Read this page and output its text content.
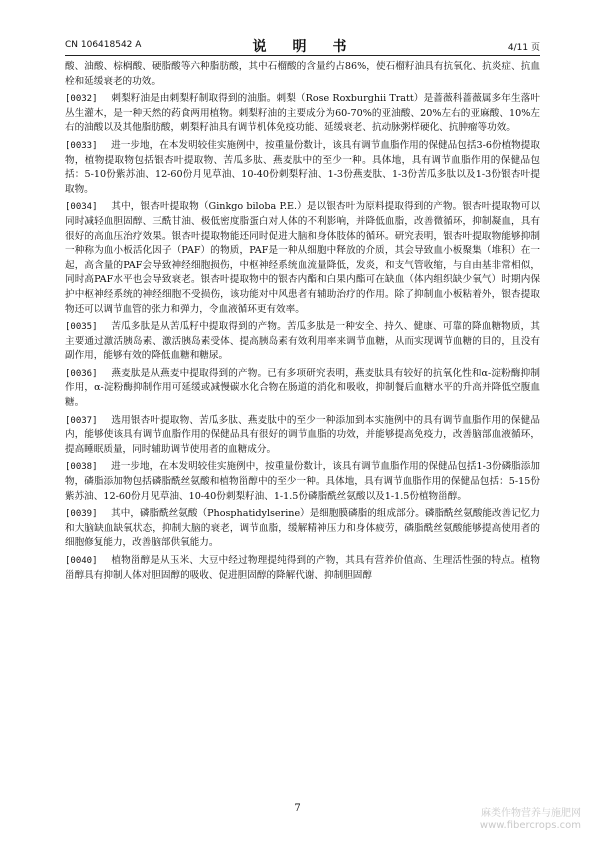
CN 106418542 A	说　明　书	4/11 页

酸、油酸、棕榈酸、硬脂酸等六种脂肪酸，其中石榴酸的含量约占86%，使石榴籽油具有抗氧化、抗炎症、抗血栓和延缓衰老的功效。

[0032]　 刺梨籽油是由刺梨籽制取得到的油脂。刺梨（Rose Roxburghii Tratt）是蔷薇科蔷薇属多年生落叶丛生灌木，是一种天然的药食两用植物。刺梨籽油的主要成分为60-70%的亚油酸、20%左右的亚麻酸、10%左右的油酸以及其他脂肪酸，刺梨籽油具有调节机体免疫功能、延缓衰老、抗动脉粥样硬化、抗肿瘤等功效。

[0033]　 进一步地，在本发明较佳实施例中，按重量份数计，该具有调节血脂作用的保健品包括3-6份植物提取物，植物提取物包括银杏叶提取物、苦瓜多肽、燕麦肽中的至少一种。具体地，具有调节血脂作用的保健品包括：5-10份紫苏油、12-60份月见草油、10-40份刺梨籽油、1-3份燕麦肽、1-3份苦瓜多肽以及1-3份银杏叶提取物。

[0034]　 其中，银杏叶提取物（Ginkgo biloba P.E.）是以银杏叶为原料提取得到的产物。银杏叶提取物可以同时减轻血胆固醇、三酰甘油、极低密度脂蛋白对人体的不利影响，并降低血脂，改善微循环，抑制凝血，具有很好的高血压治疗效果。银杏叶提取物能还同时促进大脑和身体肢体的循环。研究表明，银杏叶提取物能够抑制一种称为血小板活化因子（PAF）的物质，PAF是一种从细胞中释放的介质，其会导致血小板聚集（堆积）在一起，高含量的PAF会导致神经细胞损伤，中枢神经系统血流量降低，发炎，和支气管收缩，与自由基非常相似，同时高PAF水平也会导致衰老。银杏叶提取物中的银杏内酯和白果内酯可在缺血（体内组织缺少氧气）时期内保护中枢神经系统的神经细胞不受损伤，该功能对中风患者有辅助治疗的作用。除了抑制血小板粘着外，银杏提取物还可以调节血管的张力和弹力，令血液循环更有效率。

[0035]　 苦瓜多肽是从苦瓜籽中提取得到的产物。苦瓜多肽是一种安全、持久、健康、可靠的降血糖物质，其主要通过激活胰岛素、激活胰岛素受体、提高胰岛素有效利用率来调节血糖，从而实现调节血糖的目的，且没有副作用，能够有效的降低血糖和糖尿。

[0036]　 燕麦肽是从燕麦中提取得到的产物。已有多项研究表明，燕麦肽具有较好的抗氧化性和α-淀粉酶抑制作用，α-淀粉酶抑制作用可延缓或减慢碳水化合物在肠道的消化和吸收，抑制餐后血糖水平的升高并降低空腹血糖。

[0037]　 选用银杏叶提取物、苦瓜多肽、燕麦肽中的至少一种添加到本实施例中的具有调节血脂作用的保健品内，能够使该具有调节血脂作用的保健品具有很好的调节血脂的功效，并能够提高免疫力，改善脑部血液循环，提高睡眠质量，同时辅助调节使用者的血糖成分。

[0038]　 进一步地，在本发明较佳实施例中，按重量份数计，该具有调节血脂作用的保健品包括1-3份磷脂添加物，磷脂添加物包括磷脂酰丝氨酸和植物甾醇中的至少一种。具体地，具有调节血脂作用的保健品包括：5-15份紫苏油、12-60份月见草油、10-40份刺梨籽油、1-1.5份磷脂酰丝氨酸以及1-1.5份植物甾醇。

[0039]　 其中，磷脂酰丝氨酸（Phosphatidylserine）是细胞膜磷脂的组成部分。磷脂酰丝氨酸能改善记忆力和大脑缺血缺氧状态，抑制大脑的衰老，调节血脂，缓解精神压力和身体疲劳，磷脂酰丝氨酸能够提高使用者的细胞修复能力，改善脑部供氧能力。

[0040]　 植物甾醇是从玉米、大豆中经过物理提纯得到的产物，其具有营养价值高、生理活性强的特点。植物甾醇具有抑制人体对胆固醇的吸收、促进胆固醇的降解代谢、抑制胆固醇

7	麻类作物营养与施肥网
www.fibercrops.com
